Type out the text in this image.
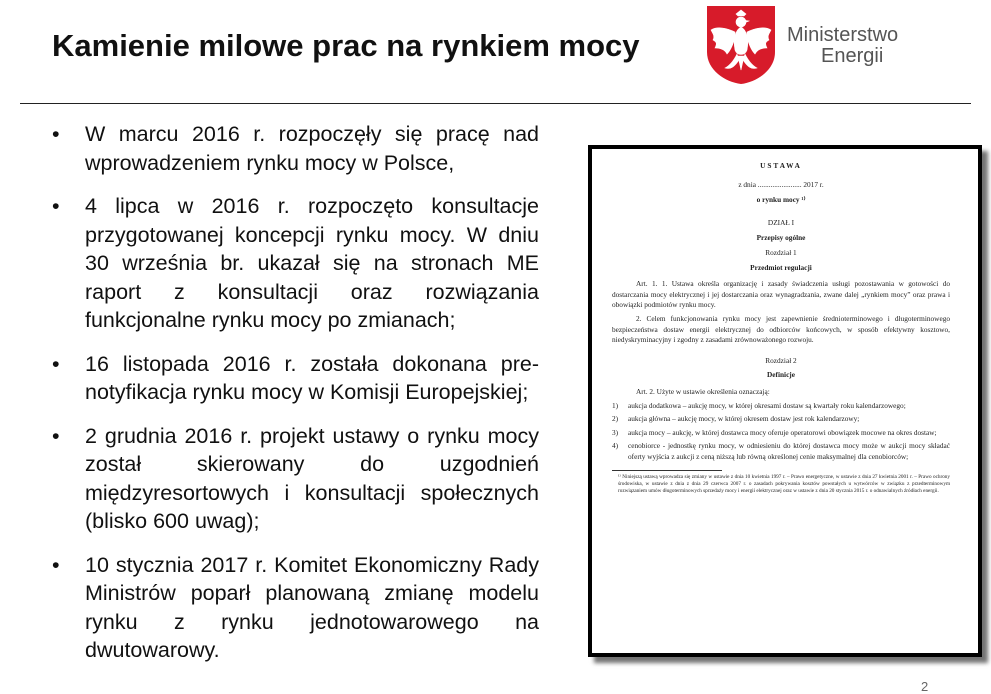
Kamienie milowe prac na rynkiem mocy	Ministerstwo
Energii
• W marcu 2016 r. rozpoczęły się pracę nad wprowadzeniem rynku mocy w Polsce,
• 4 lipca w 2016 r. rozpoczęto konsultacje przygotowanej koncepcji rynku mocy. W dniu 30 września br. ukazał się na stronach ME raport z konsultacji oraz rozwiązania funkcjonalne rynku mocy po zmianach;
• 16 listopada 2016 r. została dokonana pre-notyfikacja rynku mocy w Komisji Europejskiej;
• 2 grudnia 2016 r. projekt ustawy o rynku mocy został skierowany do uzgodnień międzyresortowych i konsultacji społecznych (blisko 600 uwag);
• 10 stycznia 2017 r. Komitet Ekonomiczny Rady Ministrów poparł planowaną zmianę modelu rynku z rynku jednotowarowego na dwutowarowy.
USTAWA
z dnia ........................ 2017 r.
o rynku mocy ¹⁾
DZIAŁ I
Przepisy ogólne
Rozdział 1
Przedmiot regulacji
Art. 1. 1. Ustawa określa organizację i zasady świadczenia usługi pozostawania w gotowości do dostarczania mocy elektrycznej i jej dostarczania oraz wynagradzania, zwane dalej „rynkiem mocy” oraz prawa i obowiązki podmiotów rynku mocy.
2. Celem funkcjonowania rynku mocy jest zapewnienie średnioterminowego i długoterminowego bezpieczeństwa dostaw energii elektrycznej do odbiorców końcowych, w sposób efektywny kosztowo, niedyskryminacyjny i zgodny z zasadami zrównoważonego rozwoju.
Rozdział 2
Definicje
Art. 2. Użyte w ustawie określenia oznaczają:
1) aukcja dodatkowa – aukcję mocy, w której okresami dostaw są kwartały roku kalendarzowego;
2) aukcja główna – aukcję mocy, w której okresem dostaw jest rok kalendarzowy;
3) aukcja mocy – aukcję, w której dostawca mocy oferuje operatorowi obowiązek mocowe na okres dostaw;
4) cenobiorce - jednostkę rynku mocy, w odniesieniu do której dostawca mocy może w aukcji mocy składać oferty wyjścia z aukcji z ceną niższą lub równą określonej cenie maksymalnej dla cenobiorców;
¹⁾ Niniejszą ustawą wprowadza się zmiany w ustawie z dnia 10 kwietnia 1997 r. – Prawo energetyczne, w ustawie z dnia 27 kwietnia 2001 r. – Prawo ochrony środowiska, w ustawie z dnia z dnia 29 czerwca 2007 r. o zasadach pokrywania kosztów powstałych u wytwórców w związku z przedterminowym rozwiązaniem umów długoterminowych sprzedaży mocy i energii elektrycznej oraz w ustawie z dnia 20 stycznia 2015 r. o odnawialnych źródłach energii.
2
